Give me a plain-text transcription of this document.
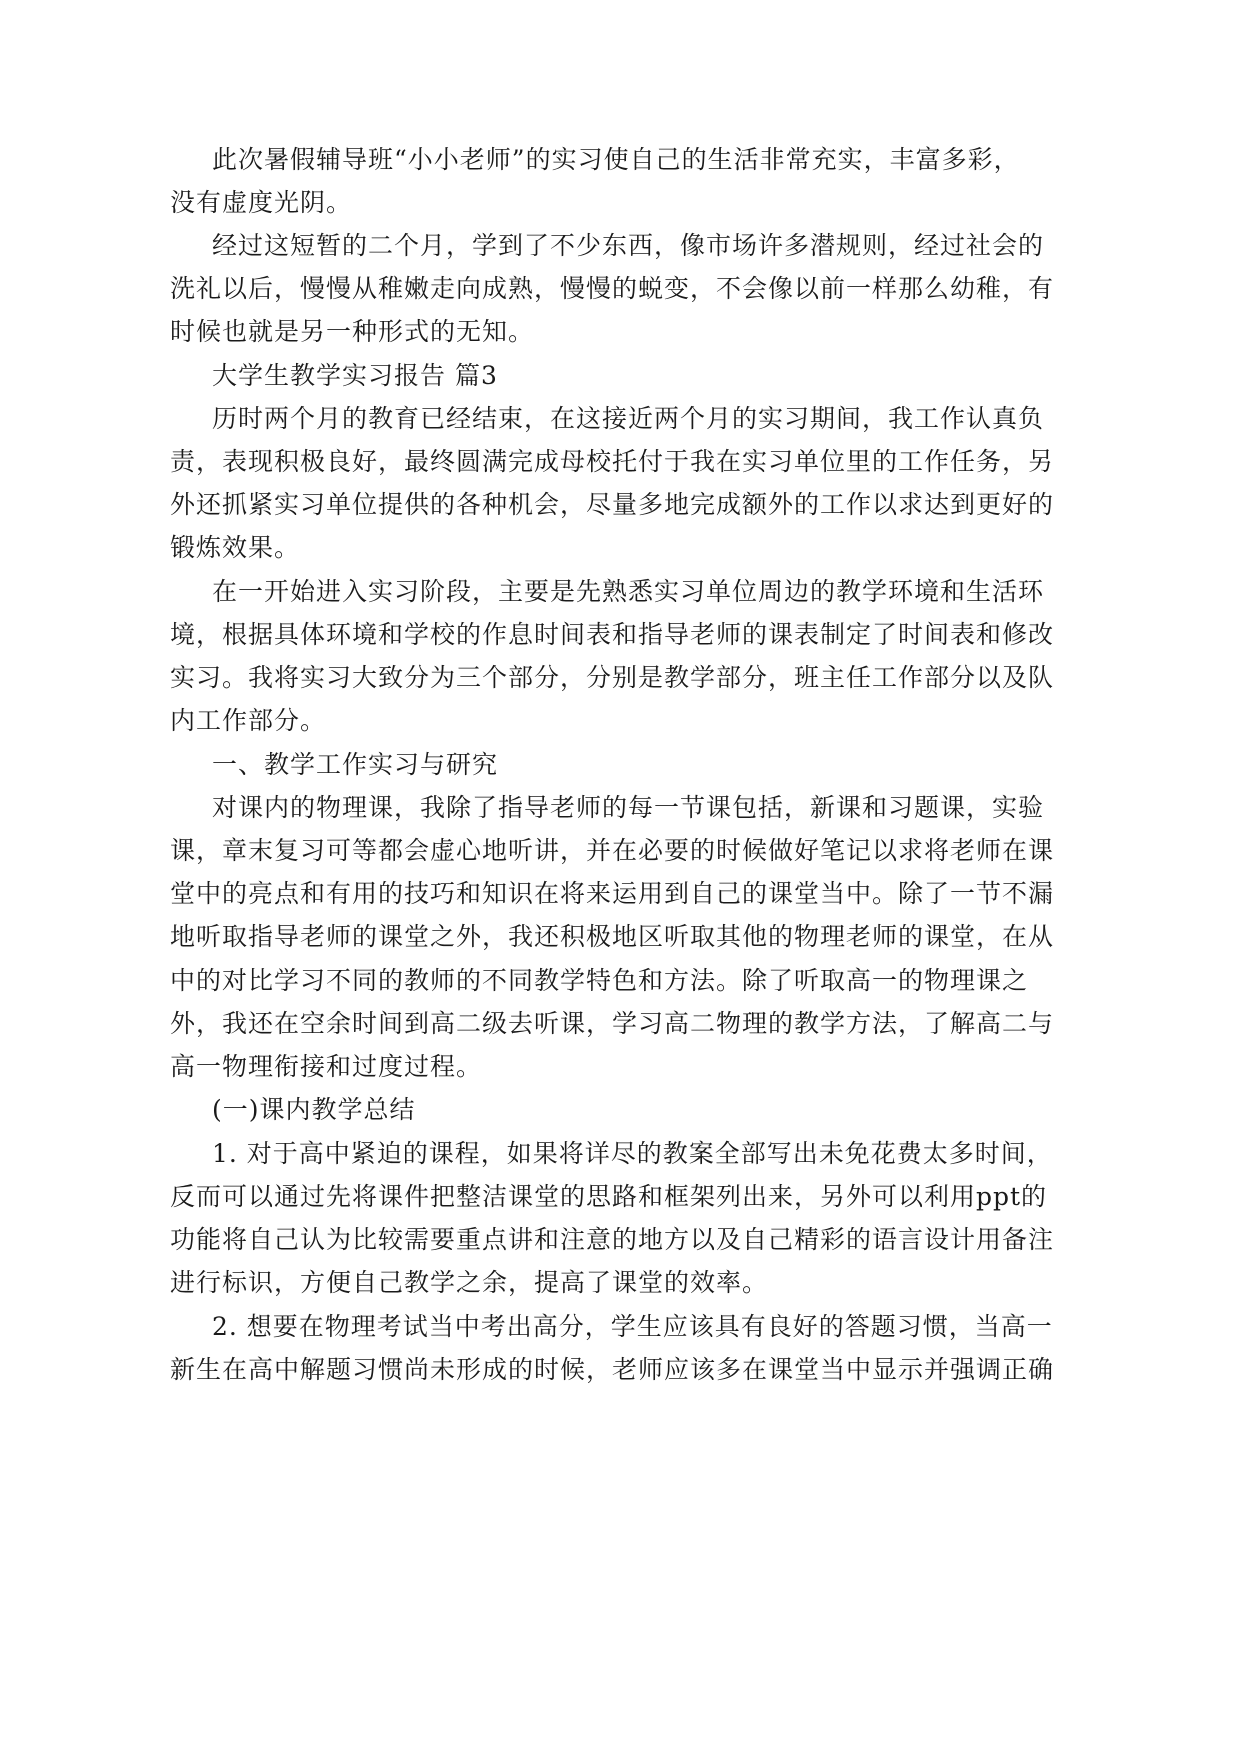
此次暑假辅导班“小小老师”的实习使自己的生活非常充实，丰富多彩，
没有虚度光阴。
经过这短暂的二个月，学到了不少东西，像市场许多潜规则，经过社会的
洗礼以后，慢慢从稚嫩走向成熟，慢慢的蜕变，不会像以前一样那么幼稚，有
时候也就是另一种形式的无知。
大学生教学实习报告 篇3
历时两个月的教育已经结束，在这接近两个月的实习期间，我工作认真负
责，表现积极良好，最终圆满完成母校托付于我在实习单位里的工作任务，另
外还抓紧实习单位提供的各种机会，尽量多地完成额外的工作以求达到更好的
锻炼效果。
在一开始进入实习阶段，主要是先熟悉实习单位周边的教学环境和生活环
境，根据具体环境和学校的作息时间表和指导老师的课表制定了时间表和修改
实习。我将实习大致分为三个部分，分别是教学部分，班主任工作部分以及队
内工作部分。
一、教学工作实习与研究
对课内的物理课，我除了指导老师的每一节课包括，新课和习题课，实验
课，章末复习可等都会虚心地听讲，并在必要的时候做好笔记以求将老师在课
堂中的亮点和有用的技巧和知识在将来运用到自己的课堂当中。除了一节不漏
地听取指导老师的课堂之外，我还积极地区听取其他的物理老师的课堂，在从
中的对比学习不同的教师的不同教学特色和方法。除了听取高一的物理课之
外，我还在空余时间到高二级去听课，学习高二物理的教学方法，了解高二与
高一物理衔接和过度过程。
(一)课内教学总结
1. 对于高中紧迫的课程，如果将详尽的教案全部写出未免花费太多时间，
反而可以通过先将课件把整洁课堂的思路和框架列出来，另外可以利用ppt的
功能将自己认为比较需要重点讲和注意的地方以及自己精彩的语言设计用备注
进行标识，方便自己教学之余，提高了课堂的效率。
2. 想要在物理考试当中考出高分，学生应该具有良好的答题习惯，当高一
新生在高中解题习惯尚未形成的时候，老师应该多在课堂当中显示并强调正确
